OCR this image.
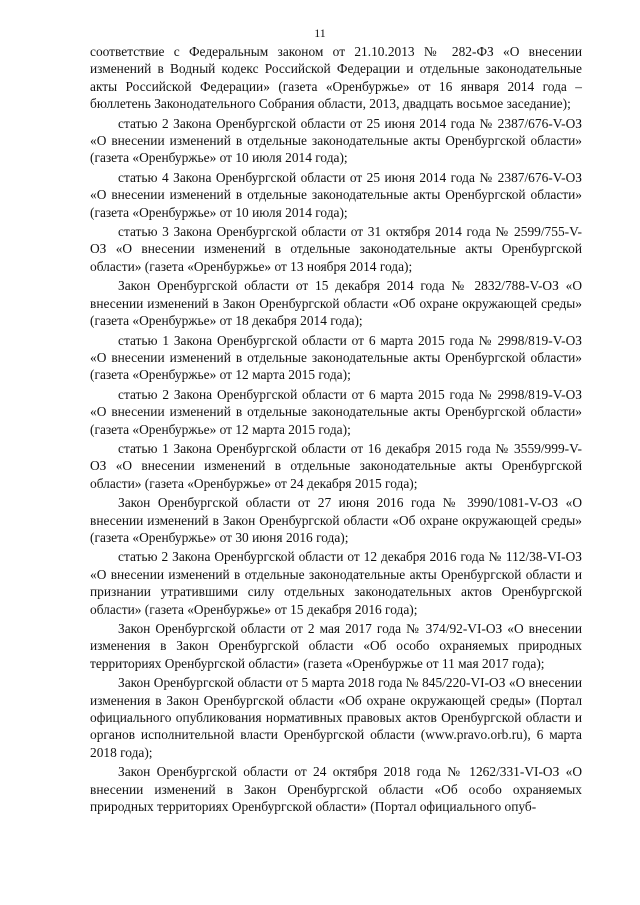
11

соответствие с Федеральным законом от 21.10.2013 № 282-ФЗ «О внесении изменений в Водный кодекс Российской Федерации и отдельные законодательные акты Российской Федерации» (газета «Оренбуржье» от 16 января 2014 года – бюллетень Законодательного Собрания области, 2013, двадцать восьмое заседание);

статью 2 Закона Оренбургской области от 25 июня 2014 года № 2387/676-V-ОЗ «О внесении изменений в отдельные законодательные акты Оренбургской области» (газета «Оренбуржье» от 10 июля 2014 года);

статью 4 Закона Оренбургской области от 25 июня 2014 года № 2387/676-V-ОЗ «О внесении изменений в отдельные законодательные акты Оренбургской области» (газета «Оренбуржье» от 10 июля 2014 года);

статью 3 Закона Оренбургской области от 31 октября 2014 года № 2599/755-V-ОЗ «О внесении изменений в отдельные законодательные акты Оренбургской области» (газета «Оренбуржье» от 13 ноября 2014 года);

Закон Оренбургской области от 15 декабря 2014 года № 2832/788-V-ОЗ «О внесении изменений в Закон Оренбургской области «Об охране окружающей среды» (газета «Оренбуржье» от 18 декабря 2014 года);

статью 1 Закона Оренбургской области от 6 марта 2015 года № 2998/819-V-ОЗ «О внесении изменений в отдельные законодательные акты Оренбургской области» (газета «Оренбуржье» от 12 марта 2015 года);

статью 2 Закона Оренбургской области от 6 марта 2015 года № 2998/819-V-ОЗ «О внесении изменений в отдельные законодательные акты Оренбургской области» (газета «Оренбуржье» от 12 марта 2015 года);

статью 1 Закона Оренбургской области от 16 декабря 2015 года № 3559/999-V-ОЗ «О внесении изменений в отдельные законодательные акты Оренбургской области» (газета «Оренбуржье» от 24 декабря 2015 года);

Закон Оренбургской области от 27 июня 2016 года № 3990/1081-V-ОЗ «О внесении изменений в Закон Оренбургской области «Об охране окружающей среды» (газета «Оренбуржье» от 30 июня 2016 года);

статью 2 Закона Оренбургской области от 12 декабря 2016 года № 112/38-VI-ОЗ «О внесении изменений в отдельные законодательные акты Оренбургской области и признании утратившими силу отдельных законодательных актов Оренбургской области» (газета «Оренбуржье» от 15 декабря 2016 года);

Закон Оренбургской области от 2 мая 2017 года № 374/92-VI-ОЗ «О внесении изменения в Закон Оренбургской области «Об особо охраняемых природных территориях Оренбургской области» (газета «Оренбуржье от 11 мая 2017 года);

Закон Оренбургской области от 5 марта 2018 года № 845/220-VI-ОЗ «О внесении изменения в Закон Оренбургской области «Об охране окружающей среды» (Портал официального опубликования нормативных правовых актов Оренбургской области и органов исполнительной власти Оренбургской области (www.pravo.orb.ru), 6 марта 2018 года);

Закон Оренбургской области от 24 октября 2018 года № 1262/331-VI-ОЗ «О внесении изменений в Закон Оренбургской области «Об особо охраняемых природных территориях Оренбургской области» (Портал официального опуб-
